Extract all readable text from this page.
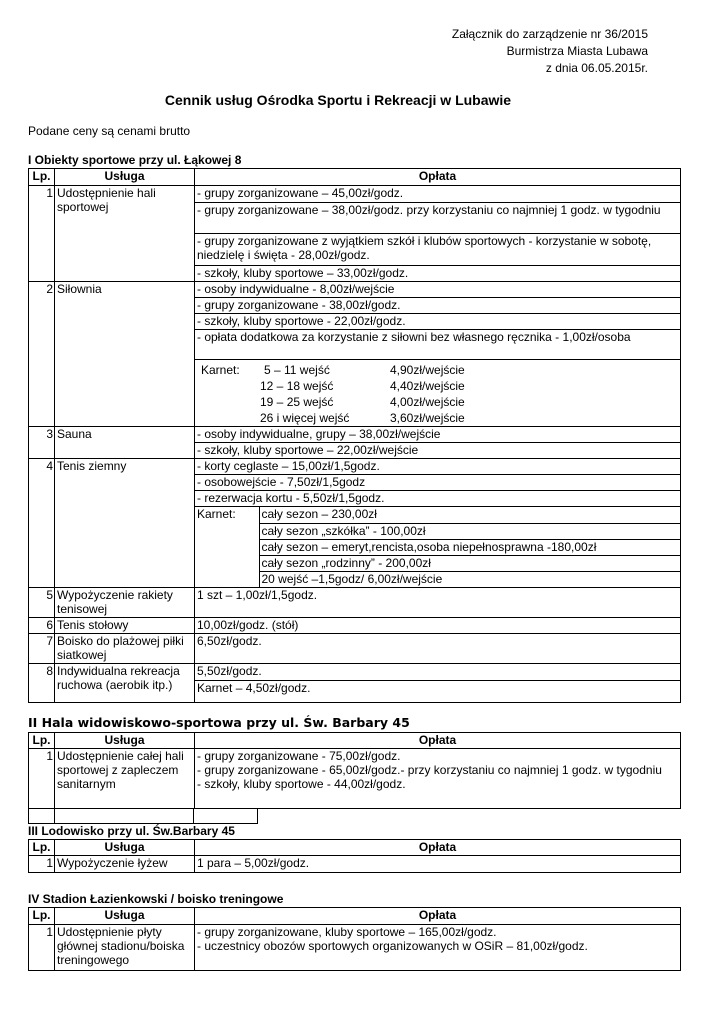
Załącznik do zarządzenie nr 36/2015
Burmistrza Miasta Lubawa
z dnia 06.05.2015r.
Cennik usług Ośrodka Sportu i Rekreacji w Lubawie
Podane ceny są cenami brutto
I Obiekty sportowe przy ul. Łąkowej 8
Lp.	Usługa	Opłata
1	Udostępnienie hali sportowej	- grupy zorganizowane – 45,00zł/godz.
- grupy zorganizowane – 38,00zł/godz. przy korzystaniu co najmniej 1 godz. w tygodniu
- grupy zorganizowane z wyjątkiem szkół i klubów sportowych - korzystanie w sobotę, niedzielę i święta - 28,00zł/godz.
- szkoły, kluby sportowe – 33,00zł/godz.
2	Siłownia	- osoby indywidualne - 8,00zł/wejście
- grupy zorganizowane - 38,00zł/godz.
- szkoły, kluby sportowe - 22,00zł/godz.
- opłata dodatkowa za korzystanie z siłowni bez własnego ręcznika - 1,00zł/osoba

Karnet:	5 – 11 wejść	4,90zł/wejście
12 – 18 wejść	4,40zł/wejście
19 – 25 wejść	4,00zł/wejście
26 i więcej wejść	3,60zł/wejście

3	Sauna	- osoby indywidualne, grupy – 38,00zł/wejście
- szkoły, kluby sportowe – 22,00zł/wejście
4	Tenis ziemny	- korty ceglaste – 15,00zł/1,5godz.
- osobowejście - 7,50zł/1,5godz
- rezerwacja kortu - 5,50zł/1,5godz.

Karnet:	cały sezon – 230,00zł
cały sezon „szkółka” - 100,00zł
cały sezon – emeryt,rencista,osoba niepełnosprawna -180,00zł
cały sezon „rodzinny” - 200,00zł
20 wejść –1,5godz/ 6,00zł/wejście

5	Wypożyczenie rakiety tenisowej	1 szt – 1,00zł/1,5godz.
6	Tenis stołowy	10,00zł/godz. (stół)
7	Boisko do plażowej piłki siatkowej	6,50zł/godz.
8	Indywidualna rekreacja ruchowa (aerobik itp.)	5,50zł/godz.
Karnet – 4,50zł/godz.
II Hala widowiskowo-sportowa przy ul. Św. Barbary 45
Lp.	Usługa	Opłata
1	Udostępnienie całej hali sportowej z zapleczem sanitarnym	- grupy zorganizowane - 75,00zł/godz.
- grupy zorganizowane - 65,00zł/godz.- przy korzystaniu co najmniej 1 godz. w tygodniu
- szkoły, kluby sportowe - 44,00zł/godz.
III Lodowisko przy ul. Św.Barbary 45
Lp.	Usługa	Opłata
1	Wypożyczenie łyżew	1 para – 5,00zł/godz.
IV Stadion Łazienkowski / boisko treningowe
Lp.	Usługa	Opłata
1	Udostępnienie płyty głównej stadionu/boiska treningowego	- grupy zorganizowane, kluby sportowe – 165,00zł/godz.
- uczestnicy obozów sportowych organizowanych w OSiR – 81,00zł/godz.
